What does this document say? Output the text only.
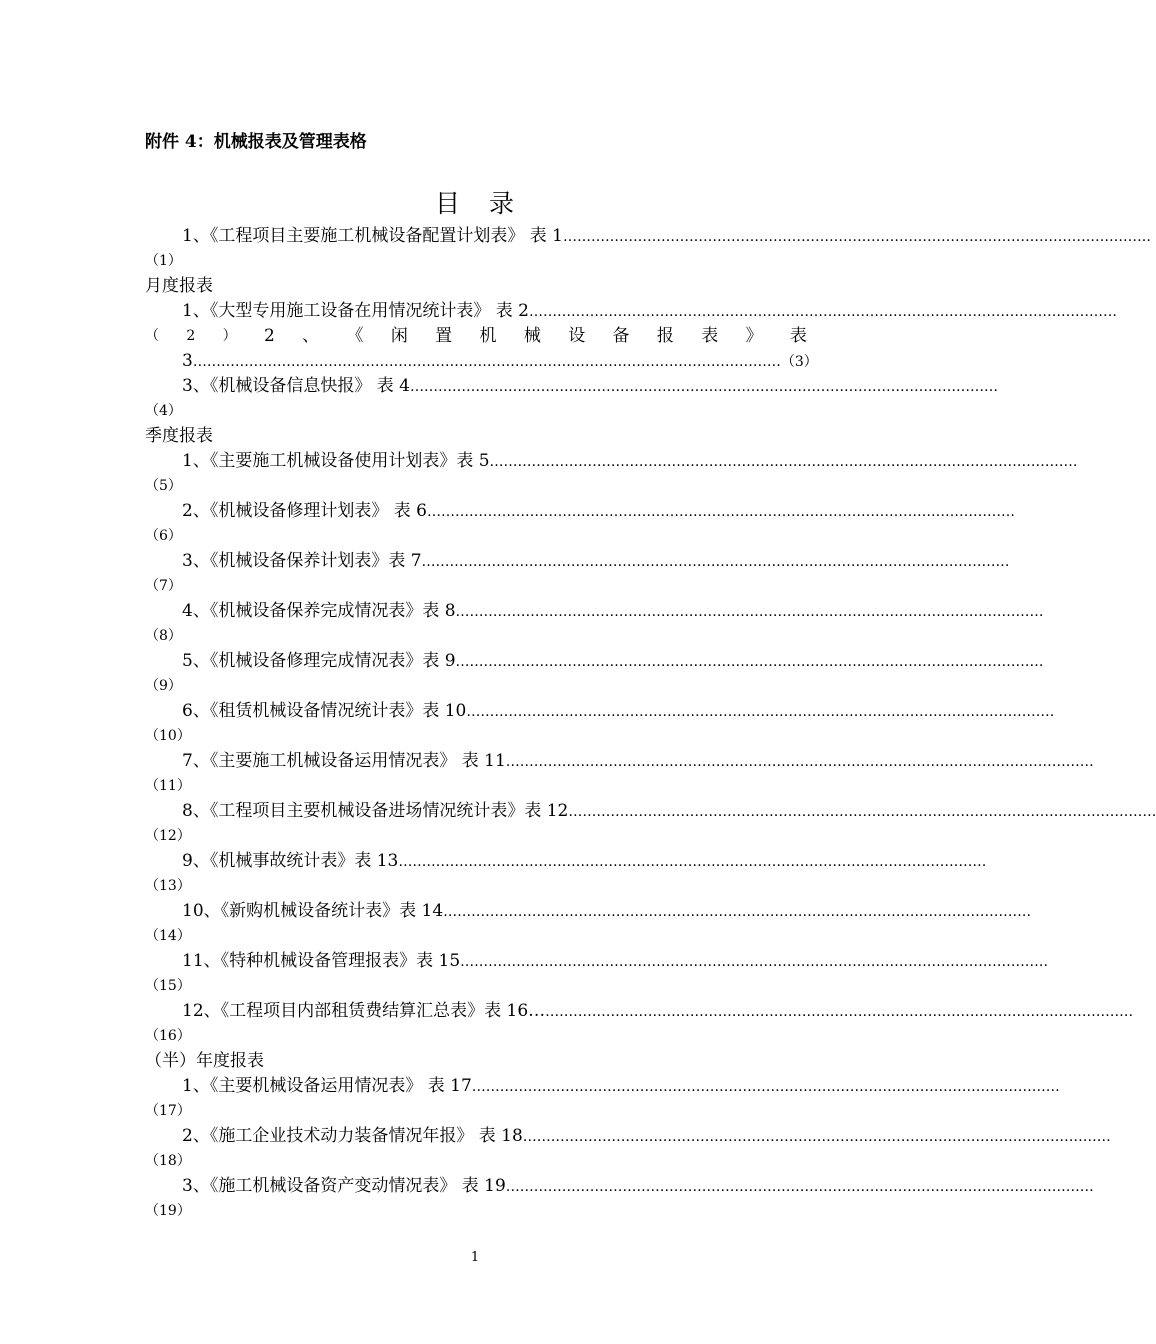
附件 4：机械报表及管理表格
目 录
1、《工程项目主要施工机械设备配置计划表》 表 1 ………………………………………………………………………………………………………………
（1）
月度报表
1、《大型专用施工设备在用情况统计表》 表 2 ………………………………………………………………………………………………………………
（ 2 ） 2 、 《 闲 置 机 械 设 备 报 表 》 表
3 ……………………………………………………………………………………………………………… （3）
3、《机械设备信息快报》 表 4 ………………………………………………………………………………………………………………
（4）
季度报表
1、《主要施工机械设备使用计划表》表 5 ………………………………………………………………………………………………………………
（5）
2、《机械设备修理计划表》 表 6 ………………………………………………………………………………………………………………
（6）
3、《机械设备保养计划表》表 7 ………………………………………………………………………………………………………………
（7）
4、《机械设备保养完成情况表》表 8 ………………………………………………………………………………………………………………
（8）
5、《机械设备修理完成情况表》表 9 ………………………………………………………………………………………………………………
（9）
6、《租赁机械设备情况统计表》表 10 ………………………………………………………………………………………………………………
（10）
7、《主要施工机械设备运用情况表》 表 11 ………………………………………………………………………………………………………………
（11）
8、《工程项目主要机械设备进场情况统计表》表 12 ………………………………………………………………………………………………………………
（12）
9、《机械事故统计表》表 13 ………………………………………………………………………………………………………………
（13）
10、《新购机械设备统计表》表 14 ………………………………………………………………………………………………………………
（14）
11、《特种机械设备管理报表》表 15 ………………………………………………………………………………………………………………
（15）
12、《工程项目内部租赁费结算汇总表》表 16… ………………………………………………………………………………………………………………
（16）
（半）年度报表
1、《主要机械设备运用情况表》 表 17 ………………………………………………………………………………………………………………
（17）
2、《施工企业技术动力装备情况年报》 表 18 ………………………………………………………………………………………………………………
（18）
3、《施工机械设备资产变动情况表》 表 19 ………………………………………………………………………………………………………………
（19）
1
